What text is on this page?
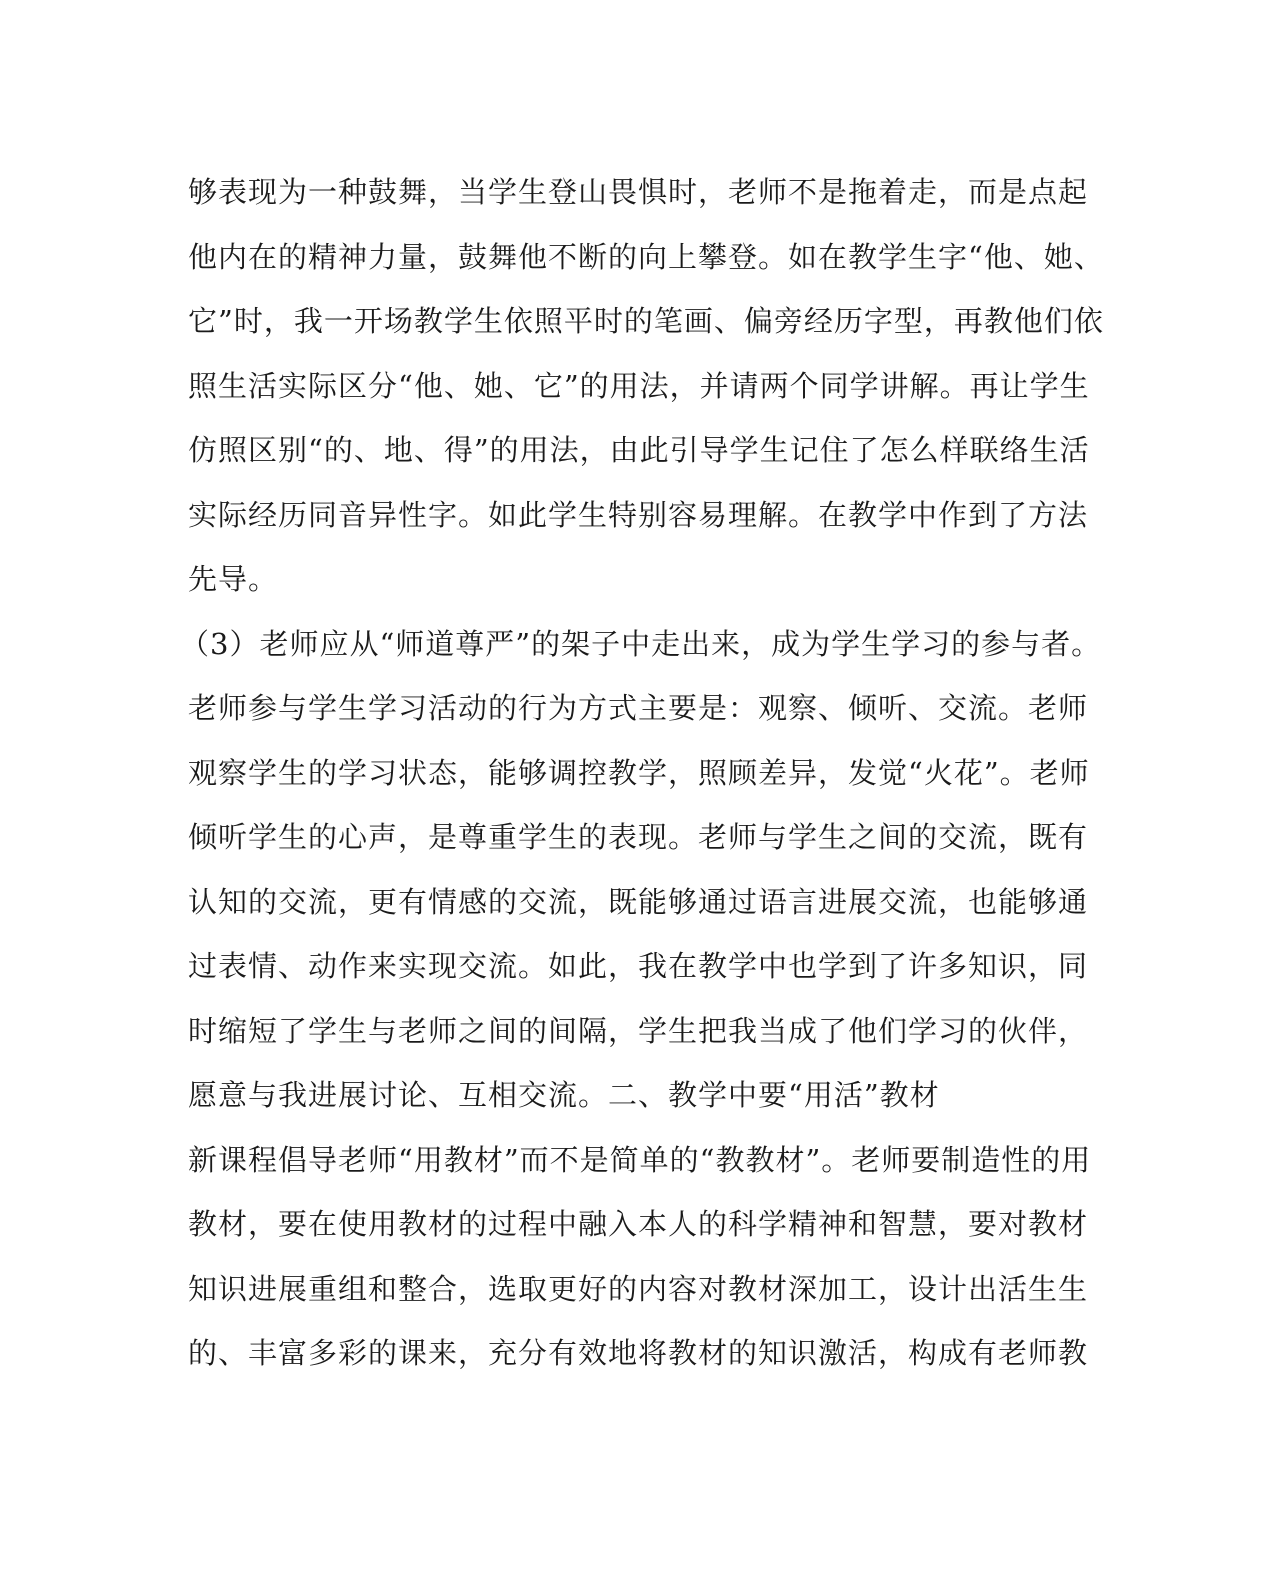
够表现为一种鼓舞，当学生登山畏惧时，老师不是拖着走，而是点起
他内在的精神力量，鼓舞他不断的向上攀登。如在教学生字“他、她、
它”时，我一开场教学生依照平时的笔画、偏旁经历字型，再教他们依
照生活实际区分“他、她、它”的用法，并请两个同学讲解。再让学生
仿照区别“的、地、得”的用法，由此引导学生记住了怎么样联络生活
实际经历同音异性字。如此学生特别容易理解。在教学中作到了方法
先导。
（3）老师应从“师道尊严”的架子中走出来，成为学生学习的参与者。
老师参与学生学习活动的行为方式主要是：观察、倾听、交流。老师
观察学生的学习状态，能够调控教学，照顾差异，发觉“火花”。老师
倾听学生的心声，是尊重学生的表现。老师与学生之间的交流，既有
认知的交流，更有情感的交流，既能够通过语言进展交流，也能够通
过表情、动作来实现交流。如此，我在教学中也学到了许多知识，同
时缩短了学生与老师之间的间隔，学生把我当成了他们学习的伙伴，
愿意与我进展讨论、互相交流。二、教学中要“用活”教材
新课程倡导老师“用教材”而不是简单的“教教材”。老师要制造性的用
教材，要在使用教材的过程中融入本人的科学精神和智慧，要对教材
知识进展重组和整合，选取更好的内容对教材深加工，设计出活生生
的、丰富多彩的课来，充分有效地将教材的知识激活，构成有老师教
